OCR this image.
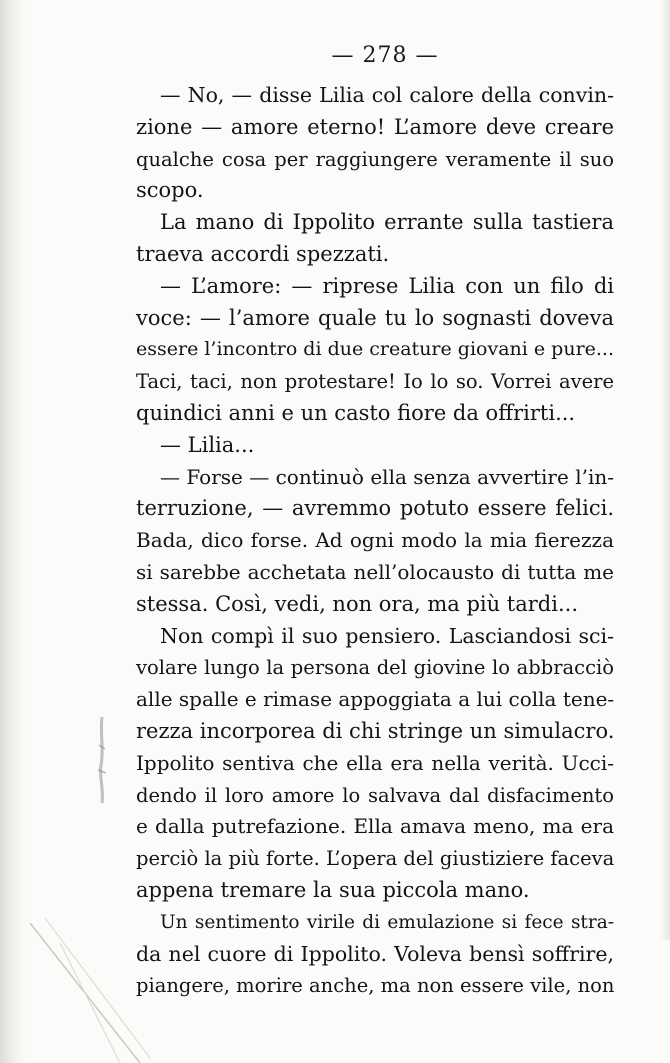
— 278 —
— No, — disse Lilia col calore della convin-
zione — amore eterno! L’amore deve creare
qualche cosa per raggiungere veramente il suo
scopo.
La mano di Ippolito errante sulla tastiera
traeva accordi spezzati.
— L’amore: — riprese Lilia con un filo di
voce: — l’amore quale tu lo sognasti doveva
essere l’incontro di due creature giovani e pure...
Taci, taci, non protestare! Io lo so. Vorrei avere
quindici anni e un casto fiore da offrirti...
— Lilia...
— Forse — continuò ella senza avvertire l’in-
terruzione, — avremmo potuto essere felici.
Bada, dico forse. Ad ogni modo la mia fierezza
si sarebbe acchetata nell’olocausto di tutta me
stessa. Così, vedi, non ora, ma più tardi...
Non compì il suo pensiero. Lasciandosi sci-
volare lungo la persona del giovine lo abbracciò
alle spalle e rimase appoggiata a lui colla tene-
rezza incorporea di chi stringe un simulacro.
Ippolito sentiva che ella era nella verità. Ucci-
dendo il loro amore lo salvava dal disfacimento
e dalla putrefazione. Ella amava meno, ma era
perciò la più forte. L’opera del giustiziere faceva
appena tremare la sua piccola mano.
Un sentimento virile di emulazione si fece stra-
da nel cuore di Ippolito. Voleva bensì soffrire,
piangere, morire anche, ma non essere vile, non
